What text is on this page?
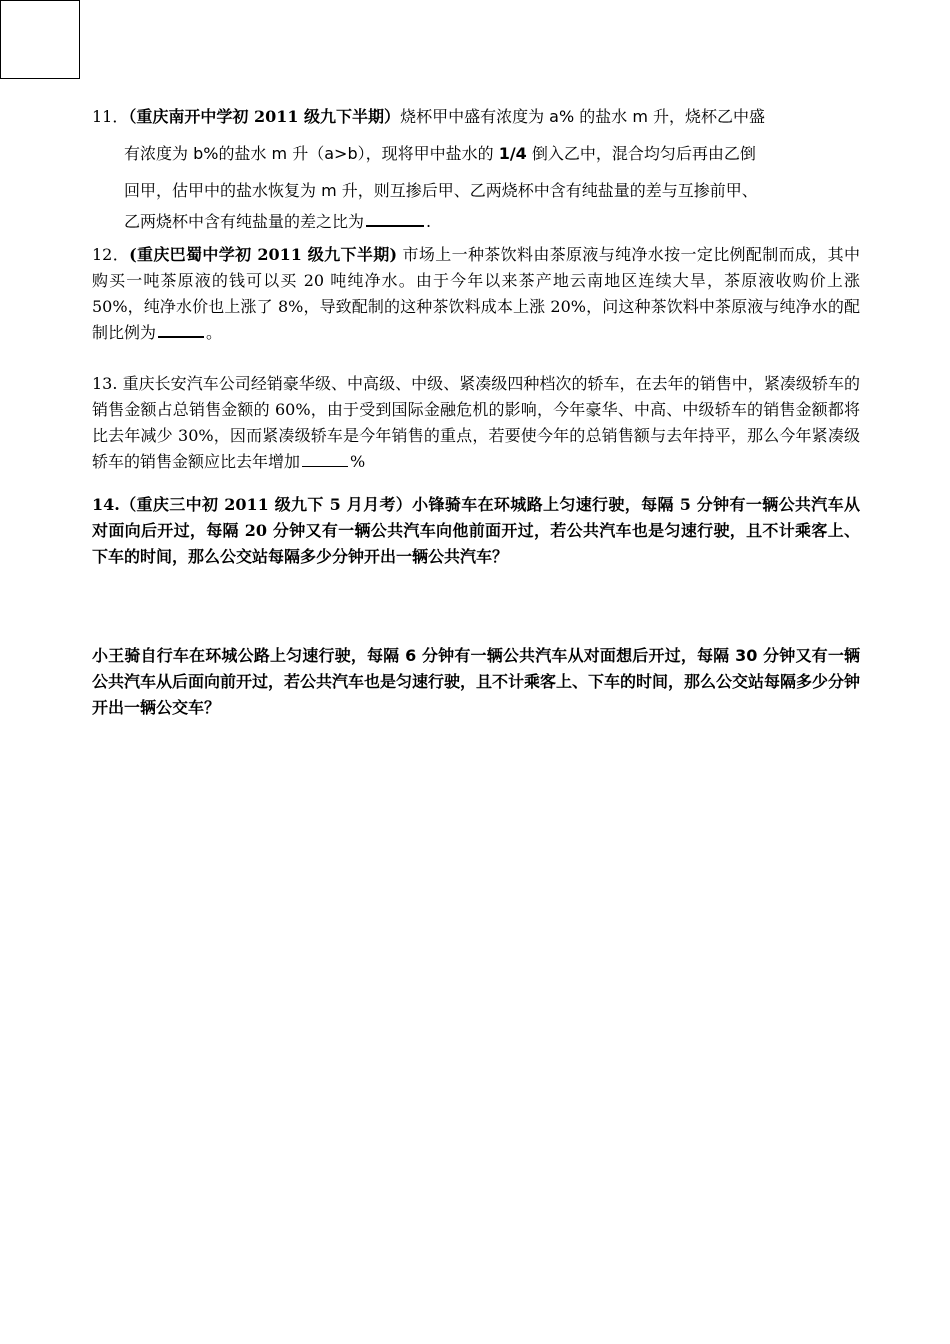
11．（重庆南开中学初 2011 级九下半期）烧杯甲中盛有浓度为 a% 的盐水 m 升，烧杯乙中盛
有浓度为 b%的盐水 m 升（a>b），现将甲中盐水的 1/4 倒入乙中，混合均匀后再由乙倒
回甲，估甲中的盐水恢复为 m 升，则互掺后甲、乙两烧杯中含有纯盐量的差与互掺前甲、
乙两烧杯中含有纯盐量的差之比为	.
12．(重庆巴蜀中学初 2011 级九下半期) 市场上一种茶饮料由茶原液与纯净水按一定比例配制而成，其中购买一吨茶原液的钱可以买 20 吨纯净水。由于今年以来茶产地云南地区连续大旱，茶原液收购价上涨 50%，纯净水价也上涨了 8%，导致配制的这种茶饮料成本上涨 20%，问这种茶饮料中茶原液与纯净水的配制比例为	。
13. 重庆长安汽车公司经销豪华级、中高级、中级、紧凑级四种档次的轿车，在去年的销售中，紧凑级轿车的销售金额占总销售金额的 60%，由于受到国际金融危机的影响，今年豪华、中高、中级轿车的销售金额都将比去年减少 30%，因而紧凑级轿车是今年销售的重点，若要使今年的总销售额与去年持平，那么今年紧凑级轿车的销售金额应比去年增加	%
14.（重庆三中初 2011 级九下 5 月月考）小锋骑车在环城路上匀速行驶，每隔 5 分钟有一辆公共汽车从对面向后开过，每隔 20 分钟又有一辆公共汽车向他前面开过，若公共汽车也是匀速行驶，且不计乘客上、下车的时间，那么公交站每隔多少分钟开出一辆公共汽车？
小王骑自行车在环城公路上匀速行驶，每隔 6 分钟有一辆公共汽车从对面想后开过，每隔 30 分钟又有一辆公共汽车从后面向前开过，若公共汽车也是匀速行驶，且不计乘客上、下车的时间，那么公交站每隔多少分钟开出一辆公交车？
